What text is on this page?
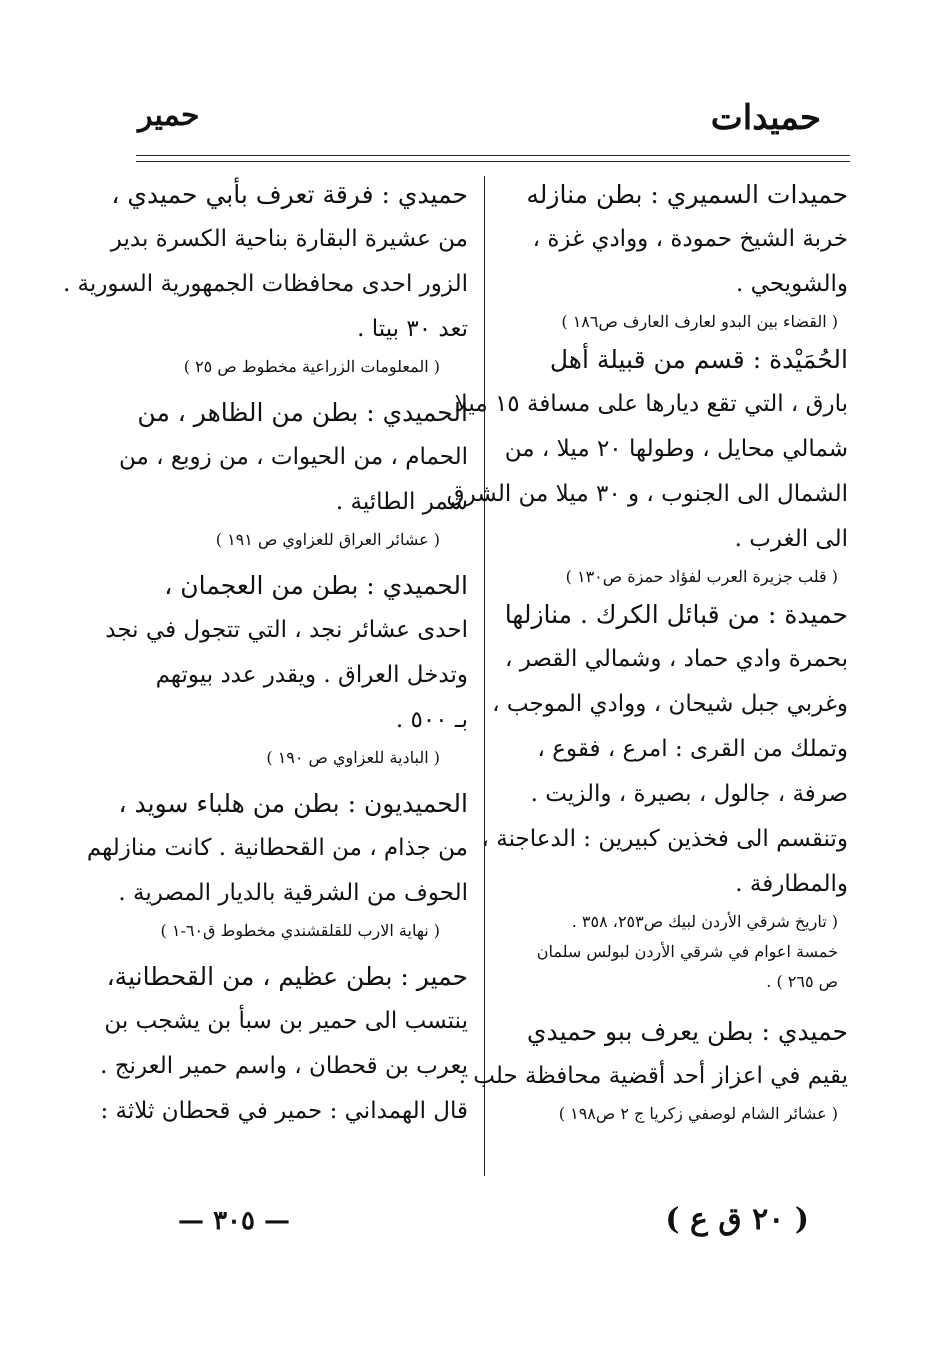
حميدات
حمير
حميدات السميري : بطن منازله
خربة الشيخ حمودة ، ووادي غزة ،
والشويحي .
( القضاء بين البدو لعارف العارف ص١٨٦ )
الحُمَيْدة : قسم من قبيلة أهل
بارق ، التي تقع ديارها على مسافة ١٥ ميلا
شمالي محايل ، وطولها ٢٠ ميلا ، من
الشمال الى الجنوب ، و ٣٠ ميلا من الشرق
الى الغرب .
( قلب جزيرة العرب لفؤاد حمزة ص١٣٠ )
حميدة : من قبائل الكرك . منازلها
بحمرة وادي حماد ، وشمالي القصر ،
وغربي جبل شيحان ، ووادي الموجب ،
وتملك من القرى : امرع ، فقوع ،
صرفة ، جالول ، بصيرة ، والزيت .
وتنقسم الى فخذين كبيرين : الدعاجنة ،
والمطارفة .
( تاريخ شرقي الأردن لبيك ص٢٥٣، ٣٥٨ .
خمسة اعوام في شرقي الأردن لبولس سلمان
ص ٢٦٥ ) .
حميدي : بطن يعرف ببو حميدي
يقيم في اعزاز أحد أقضية محافظة حلب .
( عشائر الشام لوصفي زكريا ج ٢ ص١٩٨ )
حميدي : فرقة تعرف بأبي حميدي ،
من عشيرة البقارة بناحية الكسرة بدير
الزور احدى محافظات الجمهورية السورية .
تعد ٣٠ بيتا .
( المعلومات الزراعية مخطوط ص ٢٥ )
الحميدي : بطن من الظاهر ، من
الحمام ، من الحيوات ، من زوبع ، من
شمر الطائية .
( عشائر العراق للعزاوي ص ١٩١ )
الحميدي : بطن من العجمان ،
احدى عشائر نجد ، التي تتجول في نجد
وتدخل العراق . ويقدر عدد بيوتهم
بـ ٥٠٠ .
( البادية للعزاوي ص ١٩٠ )
الحميديون : بطن من هلباء سويد ،
من جذام ، من القحطانية . كانت منازلهم
الحوف من الشرقية بالديار المصرية .
( نهاية الارب للقلقشندي مخطوط ق٦٠-١ )
حمير : بطن عظيم ، من القحطانية،
ينتسب الى حمير بن سبأ بن يشجب بن
يعرب بن قحطان ، واسم حمير العرنج .
قال الهمداني : حمير في قحطان ثلاثة :
— ٣٠٥ —	( ٢٠ ق ع )
